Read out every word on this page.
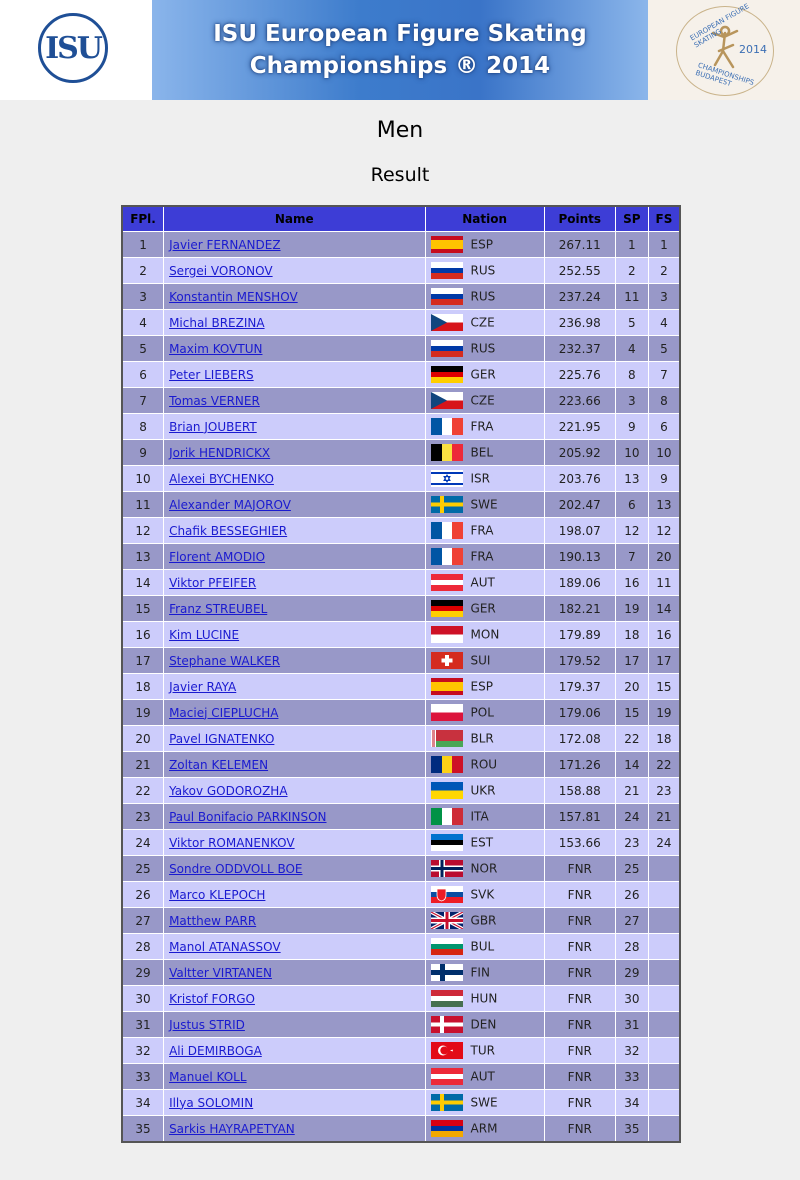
ISU	ISU European Figure Skating
Championships ® 2014
EUROPEAN FIGURE SKATING
2014
CHAMPIONSHIPS BUDAPEST
Men
Result
FPl.	Name	Nation	Points	SP	FS
1	Javier FERNANDEZ	ESP	267.11	1	1
2	Sergei VORONOV	RUS	252.55	2	2
3	Konstantin MENSHOV	RUS	237.24	11	3
4	Michal BREZINA	CZE	236.98	5	4
5	Maxim KOVTUN	RUS	232.37	4	5
6	Peter LIEBERS	GER	225.76	8	7
7	Tomas VERNER	CZE	223.66	3	8
8	Brian JOUBERT	FRA	221.95	9	6
9	Jorik HENDRICKX	BEL	205.92	10	10
10	Alexei BYCHENKO	ISR	203.76	13	9
11	Alexander MAJOROV	SWE	202.47	6	13
12	Chafik BESSEGHIER	FRA	198.07	12	12
13	Florent AMODIO	FRA	190.13	7	20
14	Viktor PFEIFER	AUT	189.06	16	11
15	Franz STREUBEL	GER	182.21	19	14
16	Kim LUCINE	MON	179.89	18	16
17	Stephane WALKER	SUI	179.52	17	17
18	Javier RAYA	ESP	179.37	20	15
19	Maciej CIEPLUCHA	POL	179.06	15	19
20	Pavel IGNATENKO	BLR	172.08	22	18
21	Zoltan KELEMEN	ROU	171.26	14	22
22	Yakov GODOROZHA	UKR	158.88	21	23
23	Paul Bonifacio PARKINSON	ITA	157.81	24	21
24	Viktor ROMANENKOV	EST	153.66	23	24
25	Sondre ODDVOLL BOE	NOR	FNR	25	
26	Marco KLEPOCH	SVK	FNR	26	
27	Matthew PARR	GBR	FNR	27	
28	Manol ATANASSOV	BUL	FNR	28	
29	Valtter VIRTANEN	FIN	FNR	29	
30	Kristof FORGO	HUN	FNR	30	
31	Justus STRID	DEN	FNR	31	
32	Ali DEMIRBOGA	TUR	FNR	32	
33	Manuel KOLL	AUT	FNR	33	
34	Illya SOLOMIN	SWE	FNR	34	
35	Sarkis HAYRAPETYAN	ARM	FNR	35	
